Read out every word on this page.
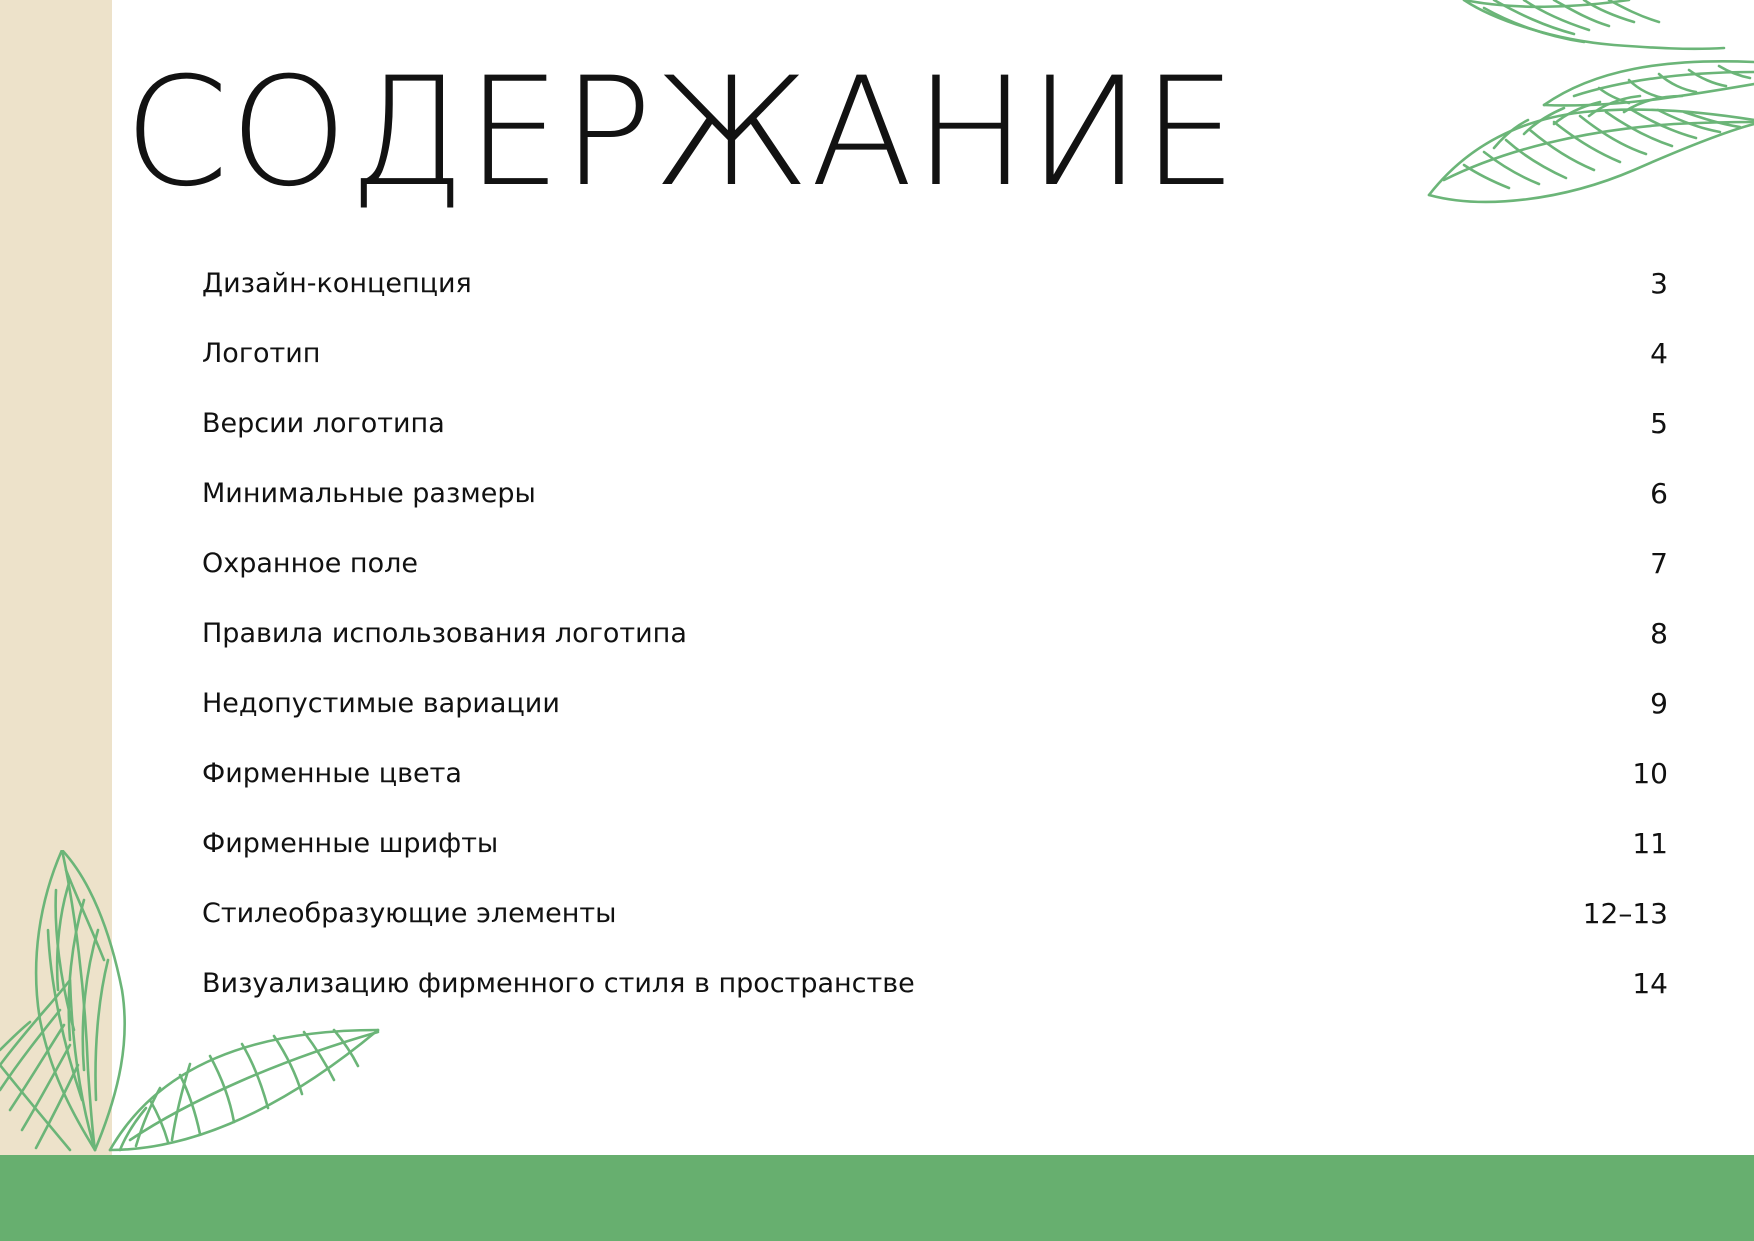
СОДЕРЖАНИЕ
Дизайн-концепция	3
Логотип	4
Версии логотипа	5
Минимальные размеры	6
Охранное поле	7
Правила использования логотипа	8
Недопустимые вариации	9
Фирменные цвета	10
Фирменные шрифты	11
Стилеобразующие элементы	12–13
Визуализацию фирменного стиля в пространстве	14
